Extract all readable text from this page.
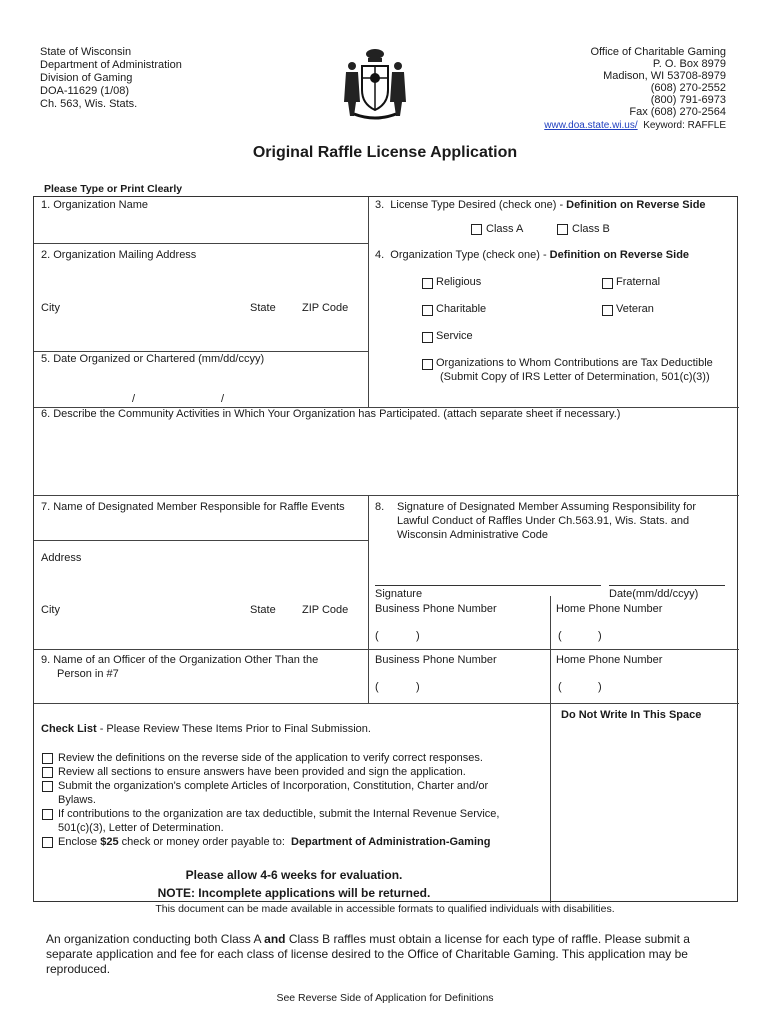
State of Wisconsin
Department of Administration
Division of Gaming
DOA-11629 (1/08)
Ch. 563, Wis. Stats.
Office of Charitable Gaming
P. O. Box 8979
Madison, WI 53708-8979
(608) 270-2552
(800) 791-6973
Fax (608) 270-2564
www.doa.state.wi.us/  Keyword: RAFFLE
Original Raffle License Application
Please Type or Print Clearly
1. Organization Name	3.  License Type Desired (check one) - Definition on Reverse Side
Class A	Class B
2. Organization Mailing Address
City	State ZIP Code
4.  Organization Type (check one) - Definition on Reverse Side
Religious	Fraternal
Charitable	Veteran
Service
Organizations to Whom Contributions are Tax Deductible
(Submit Copy of IRS Letter of Determination, 501(c)(3))
5. Date Organized or Chartered (mm/dd/ccyy)
/	/
6. Describe the Community Activities in Which Your Organization has Participated. (attach separate sheet if necessary.)
7. Name of Designated Member Responsible for Raffle Events
Address
City	State ZIP Code
8. Signature of Designated Member Assuming Responsibility for
Lawful Conduct of Raffles Under Ch.563.91, Wis. Stats. and
Wisconsin Administrative Code
Signature	Date(mm/dd/ccyy)
Business Phone Number	Home Phone Number
(	)	(	)
9. Name of an Officer of the Organization Other Than the
Person in #7
Business Phone Number	Home Phone Number
(	)	(	)
Do Not Write In This Space
Check List - Please Review These Items Prior to Final Submission.
Review the definitions on the reverse side of the application to verify correct responses.
Review all sections to ensure answers have been provided and sign the application.
Submit the organization's complete Articles of Incorporation, Constitution, Charter and/or
Bylaws.
If contributions to the organization are tax deductible, submit the Internal Revenue Service,
501(c)(3), Letter of Determination.
Enclose $25 check or money order payable to:  Department of Administration-Gaming
Please allow 4-6 weeks for evaluation.
NOTE: Incomplete applications will be returned.
This document can be made available in accessible formats to qualified individuals with disabilities.
An organization conducting both Class A and Class B raffles must obtain a license for each type of raffle. Please submit a separate application and fee for each class of license desired to the Office of Charitable Gaming. This application may be reproduced.
See Reverse Side of Application for Definitions
